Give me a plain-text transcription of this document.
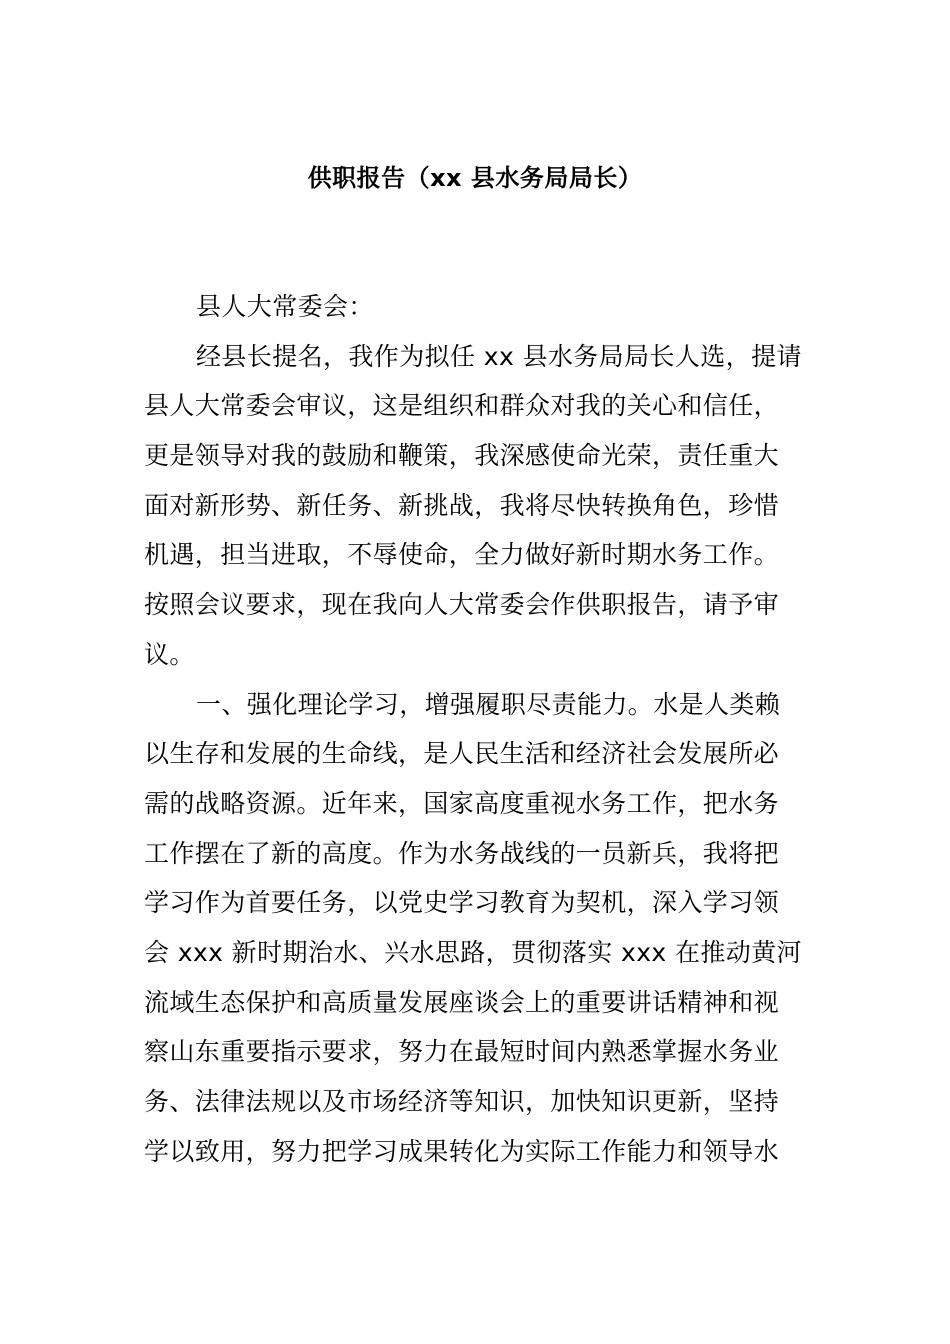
供职报告（xx 县水务局局长）
县人大常委会：
经县长提名，我作为拟任 xx 县水务局局长人选，提请
县人大常委会审议，这是组织和群众对我的关心和信任，
更是领导对我的鼓励和鞭策，我深感使命光荣，责任重大
面对新形势、新任务、新挑战，我将尽快转换角色，珍惜
机遇，担当进取，不辱使命，全力做好新时期水务工作。
按照会议要求，现在我向人大常委会作供职报告，请予审
议。
一、强化理论学习，增强履职尽责能力。水是人类赖
以生存和发展的生命线，是人民生活和经济社会发展所必
需的战略资源。近年来，国家高度重视水务工作，把水务
工作摆在了新的高度。作为水务战线的一员新兵，我将把
学习作为首要任务，以党史学习教育为契机，深入学习领
会 xxx 新时期治水、兴水思路，贯彻落实 xxx 在推动黄河
流域生态保护和高质量发展座谈会上的重要讲话精神和视
察山东重要指示要求，努力在最短时间内熟悉掌握水务业
务、法律法规以及市场经济等知识，加快知识更新，坚持
学以致用，努力把学习成果转化为实际工作能力和领导水
